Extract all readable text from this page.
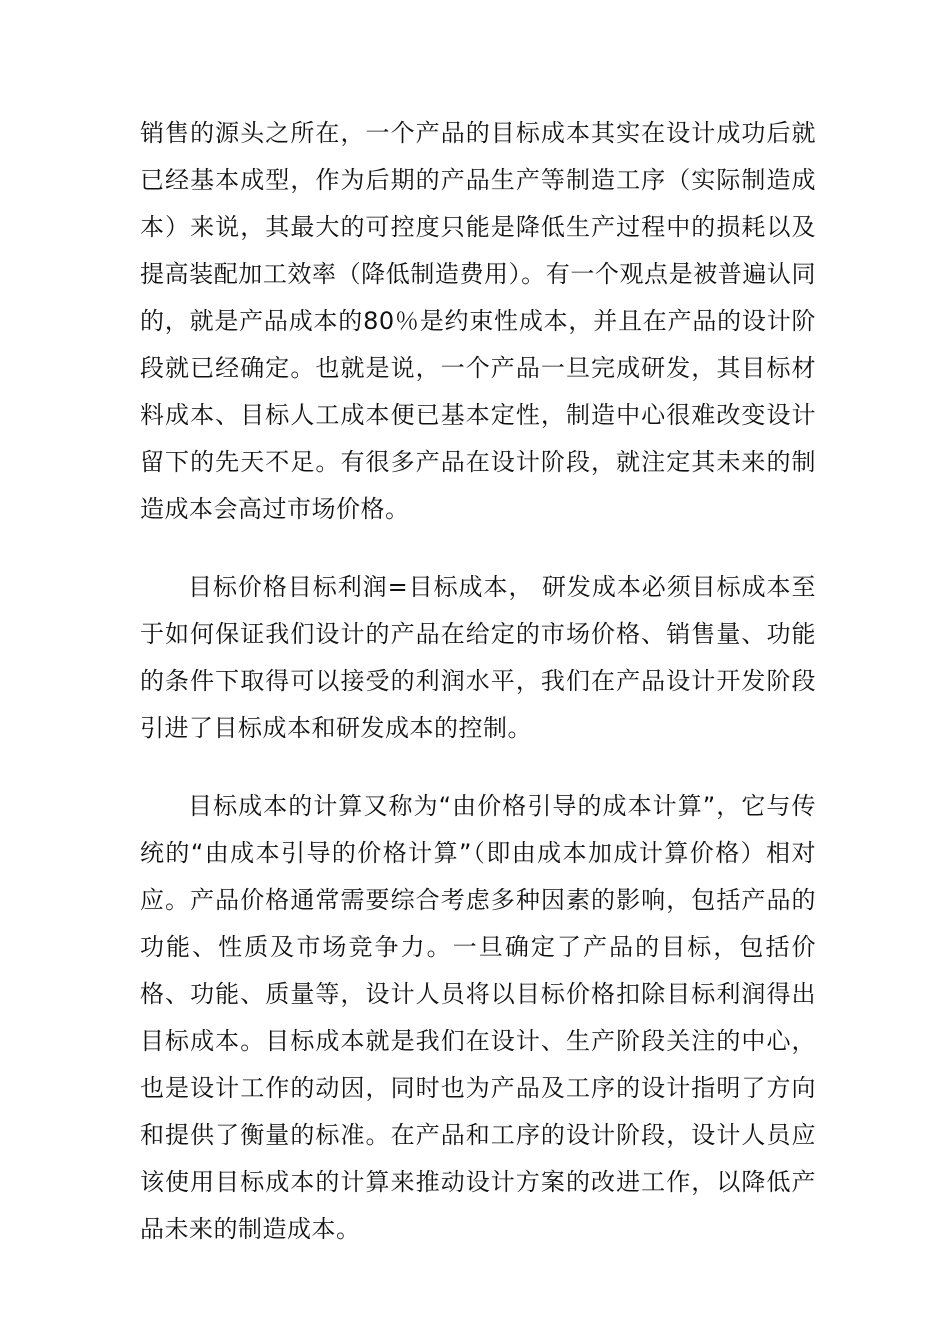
销售的源头之所在，一个产品的目标成本其实在设计成功后就已经基本成型，作为后期的产品生产等制造工序（实际制造成本）来说，其最大的可控度只能是降低生产过程中的损耗以及提高装配加工效率（降低制造费用）。有一个观点是被普遍认同的，就是产品成本的80％是约束性成本，并且在产品的设计阶段就已经确定。也就是说，一个产品一旦完成研发，其目标材料成本、目标人工成本便已基本定性，制造中心很难改变设计留下的先天不足。有很多产品在设计阶段，就注定其未来的制造成本会高过市场价格。

目标价格目标利润=目标成本， 研发成本必须目标成本至于如何保证我们设计的产品在给定的市场价格、销售量、功能的条件下取得可以接受的利润水平，我们在产品设计开发阶段引进了目标成本和研发成本的控制。

目标成本的计算又称为“由价格引导的成本计算”，它与传统的“由成本引导的价格计算”（即由成本加成计算价格）相对应。产品价格通常需要综合考虑多种因素的影响，包括产品的功能、性质及市场竞争力。一旦确定了产品的目标，包括价格、功能、质量等，设计人员将以目标价格扣除目标利润得出目标成本。目标成本就是我们在设计、生产阶段关注的中心，也是设计工作的动因，同时也为产品及工序的设计指明了方向和提供了衡量的标准。在产品和工序的设计阶段，设计人员应该使用目标成本的计算来推动设计方案的改进工作，以降低产品未来的制造成本。
